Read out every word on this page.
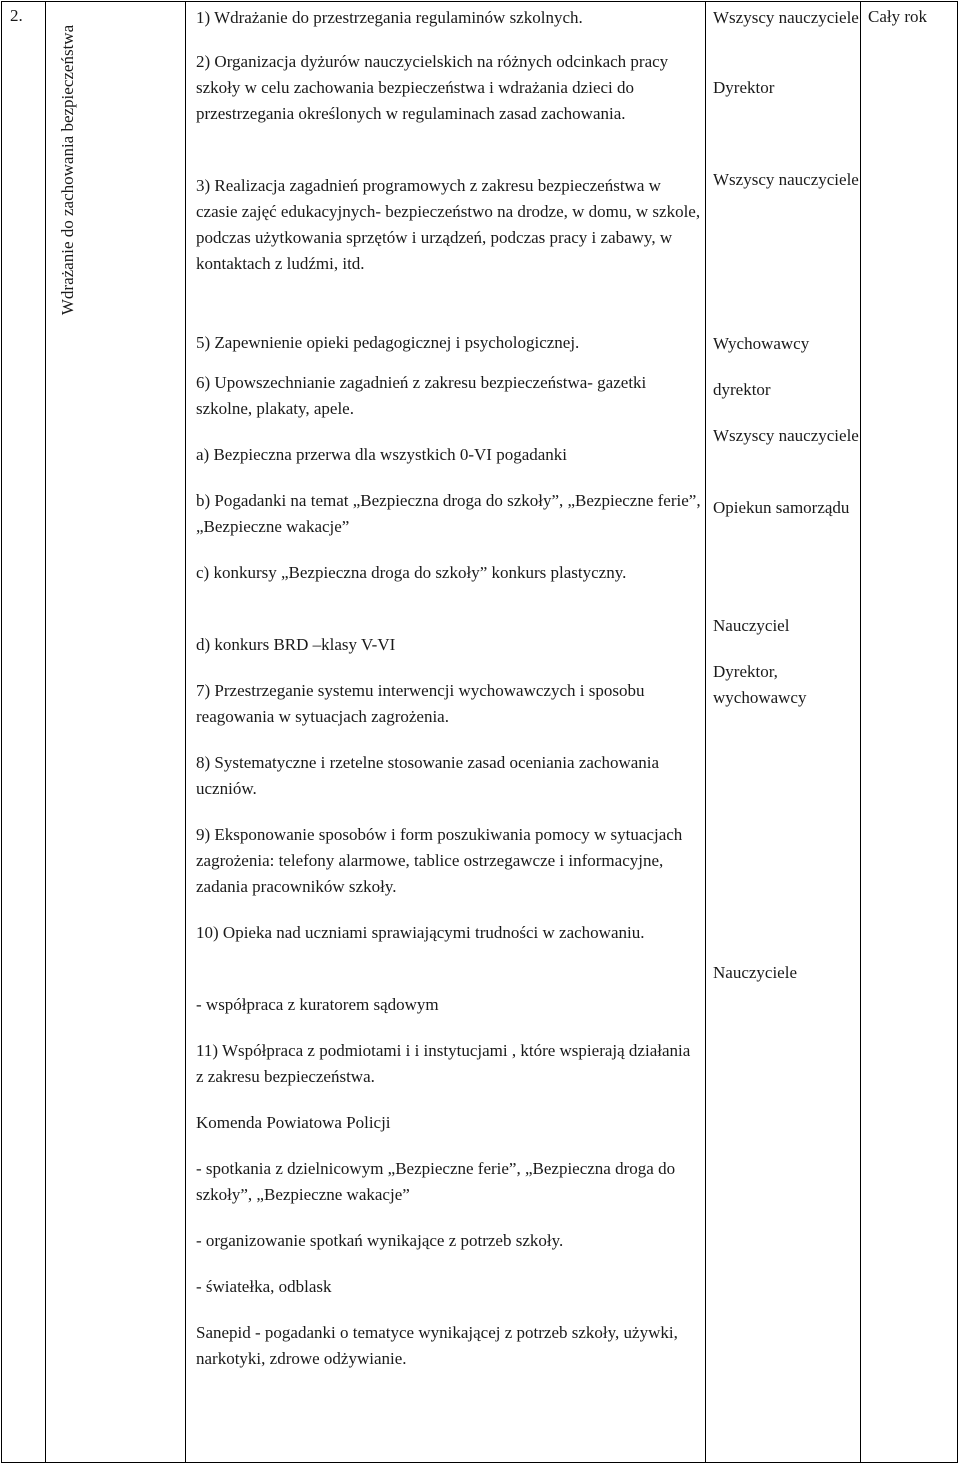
2.
Wdrażanie do zachowania bezpieczeństwa
Cały rok

1) Wdrażanie do przestrzegania regulaminów szkolnych.

2) Organizacja dyżurów nauczycielskich na różnych odcinkach pracy szkoły w celu zachowania bezpieczeństwa i wdrażania dzieci do przestrzegania określonych w regulaminach zasad zachowania.

3) Realizacja zagadnień programowych z zakresu bezpieczeństwa w czasie zajęć edukacyjnych- bezpieczeństwo na drodze, w domu, w szkole, podczas użytkowania sprzętów i urządzeń, podczas pracy i zabawy, w kontaktach z ludźmi, itd.

5) Zapewnienie opieki pedagogicznej i psychologicznej.

6) Upowszechnianie zagadnień z zakresu bezpieczeństwa- gazetki szkolne, plakaty, apele.

a) Bezpieczna przerwa dla wszystkich 0-VI pogadanki

b) Pogadanki na temat „Bezpieczna droga do szkoły”, „Bezpieczne ferie”, „Bezpieczne wakacje”

c) konkursy „Bezpieczna droga do szkoły” konkurs plastyczny.

d) konkurs BRD –klasy V-VI

7) Przestrzeganie systemu interwencji wychowawczych i sposobu reagowania w sytuacjach zagrożenia.

8) Systematyczne i rzetelne stosowanie zasad oceniania zachowania uczniów.

9) Eksponowanie sposobów i form poszukiwania pomocy w sytuacjach zagrożenia: telefony alarmowe, tablice ostrzegawcze i informacyjne, zadania pracowników szkoły.

10) Opieka nad uczniami sprawiającymi trudności w zachowaniu.

- współpraca z kuratorem sądowym

11) Współpraca z podmiotami i i instytucjami , które wspierają działania z zakresu bezpieczeństwa.

Komenda Powiatowa Policji

- spotkania z dzielnicowym „Bezpieczne ferie”, „Bezpieczna droga do szkoły”, „Bezpieczne wakacje”

- organizowanie spotkań wynikające z potrzeb szkoły.

- światełka, odblask

Sanepid - pogadanki o tematyce wynikającej z potrzeb szkoły, używki, narkotyki, zdrowe odżywianie.

Wszyscy nauczyciele

Dyrektor

Wszyscy nauczyciele

Wychowawcy

dyrektor

Wszyscy nauczyciele

Opiekun samorządu

Nauczyciel

Dyrektor, wychowawcy

Nauczyciele
